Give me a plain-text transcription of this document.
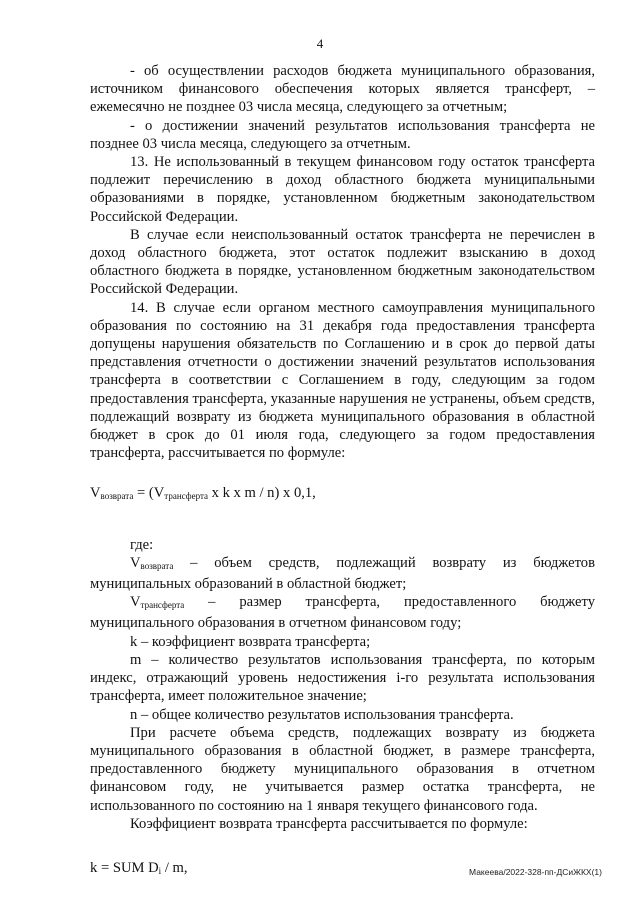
4

- об осуществлении расходов бюджета муниципального образования, источником финансового обеспечения которых является трансферт, – ежемесячно не позднее 03 числа месяца, следующего за отчетным;

- о достижении значений результатов использования трансферта не позднее 03 числа месяца, следующего за отчетным.

13. Не использованный в текущем финансовом году остаток трансферта подлежит перечислению в доход областного бюджета муниципальными образованиями в порядке, установленном бюджетным законодательством Российской Федерации.

В случае если неиспользованный остаток трансферта не перечислен в доход областного бюджета, этот остаток подлежит взысканию в доход областного бюджета в порядке, установленном бюджетным законодательством Российской Федерации.

14. В случае если органом местного самоуправления муниципального образования по состоянию на 31 декабря года предоставления трансферта допущены нарушения обязательств по Соглашению и в срок до первой даты представления отчетности о достижении значений результатов использования трансферта в соответствии с Соглашением в году, следующим за годом предоставления трансферта, указанные нарушения не устранены, объем средств, подлежащий возврату из бюджета муниципального образования в областной бюджет в срок до 01 июля года, следующего за годом предоставления трансферта, рассчитывается по формуле:

$V_{возврата} = (V_{трансферта}$ x k x m / n) x 0,1,

где:

$V_{возврата}$ – объем средств, подлежащий возврату из бюджетов муниципальных образований в областной бюджет;

$V_{трансферта}$ – размер трансферта, предоставленного бюджету муниципального образования в отчетном финансовом году;

k – коэффициент возврата трансферта;

m – количество результатов использования трансферта, по которым индекс, отражающий уровень недостижения i-го результата использования трансферта, имеет положительное значение;

n – общее количество результатов использования трансферта.

При расчете объема средств, подлежащих возврату из бюджета муниципального образования в областной бюджет, в размере трансферта, предоставленного бюджету муниципального образования в отчетном финансовом году, не учитывается размер остатка трансферта, не использованного по состоянию на 1 января текущего финансового года.

Коэффициент возврата трансферта рассчитывается по формуле:

k = SUM $D_i$ / m,	Макеева/2022-328-пп-ДСиЖКХ(1)
